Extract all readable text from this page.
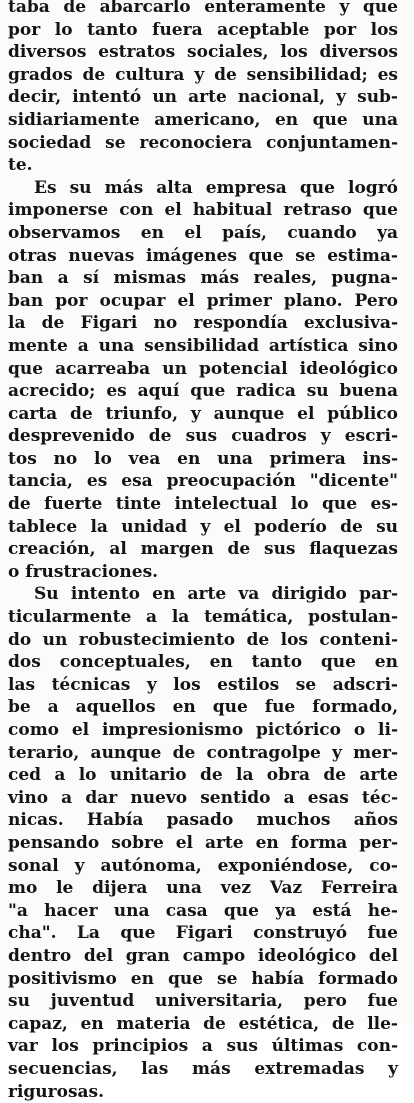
taba de abarcarlo enteramente y que
por lo tanto fuera aceptable por los
diversos estratos sociales, los diversos
grados de cultura y de sensibilidad; es
decir, intentó un arte nacional, y sub-
sidiariamente americano, en que una
sociedad se reconociera conjuntamen-
te.
Es su más alta empresa que logró
imponerse con el habitual retraso que
observamos en el país, cuando ya
otras nuevas imágenes que se estima-
ban a sí mismas más reales, pugna-
ban por ocupar el primer plano. Pero
la de Figari no respondía exclusiva-
mente a una sensibilidad artística sino
que acarreaba un potencial ideológico
acrecido; es aquí que radica su buena
carta de triunfo, y aunque el público
desprevenido de sus cuadros y escri-
tos no lo vea en una primera ins-
tancia, es esa preocupación "dicente"
de fuerte tinte intelectual lo que es-
tablece la unidad y el poderío de su
creación, al margen de sus flaquezas
o frustraciones.
Su intento en arte va dirigido par-
ticularmente a la temática, postulan-
do un robustecimiento de los conteni-
dos conceptuales, en tanto que en
las técnicas y los estilos se adscri-
be a aquellos en que fue formado,
como el impresionismo pictórico o li-
terario, aunque de contragolpe y mer-
ced a lo unitario de la obra de arte
vino a dar nuevo sentido a esas téc-
nicas. Había pasado muchos años
pensando sobre el arte en forma per-
sonal y autónoma, exponiéndose, co-
mo le dijera una vez Vaz Ferreira
"a hacer una casa que ya está he-
cha". La que Figari construyó fue
dentro del gran campo ideológico del
positivismo en que se había formado
su juventud universitaria, pero fue
capaz, en materia de estética, de lle-
var los principios a sus últimas con-
secuencias, las más extremadas y
rigurosas.
